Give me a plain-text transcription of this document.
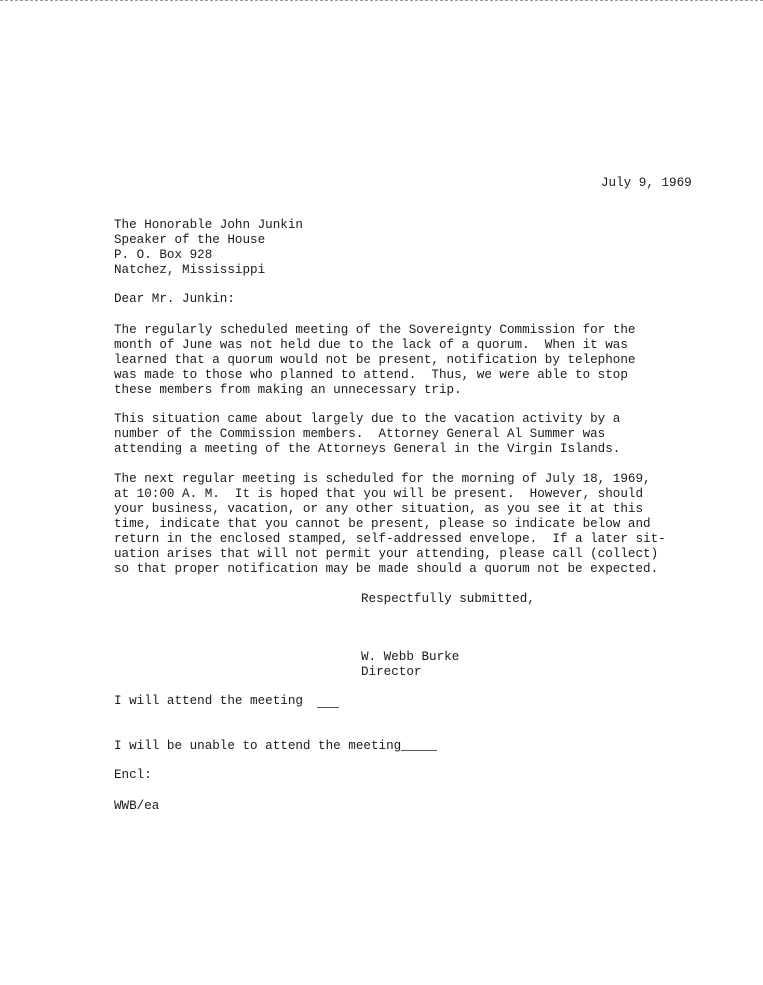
July 9, 1969
The Honorable John Junkin
Speaker of the House
P. O. Box 928
Natchez, Mississippi
Dear Mr. Junkin:
The regularly scheduled meeting of the Sovereignty Commission for the
month of June was not held due to the lack of a quorum.  When it was
learned that a quorum would not be present, notification by telephone
was made to those who planned to attend.  Thus, we were able to stop
these members from making an unnecessary trip.
This situation came about largely due to the vacation activity by a
number of the Commission members.  Attorney General Al Summer was
attending a meeting of the Attorneys General in the Virgin Islands.
The next regular meeting is scheduled for the morning of July 18, 1969,
at 10:00 A. M.  It is hoped that you will be present.  However, should
your business, vacation, or any other situation, as you see it at this
time, indicate that you cannot be present, please so indicate below and
return in the enclosed stamped, self-addressed envelope.  If a later sit-
uation arises that will not permit your attending, please call (collect)
so that proper notification may be made should a quorum not be expected.
Respectfully submitted,
W. Webb Burke
Director
I will attend the meeting
I will be unable to attend the meeting
Encl:
WWB/ea
